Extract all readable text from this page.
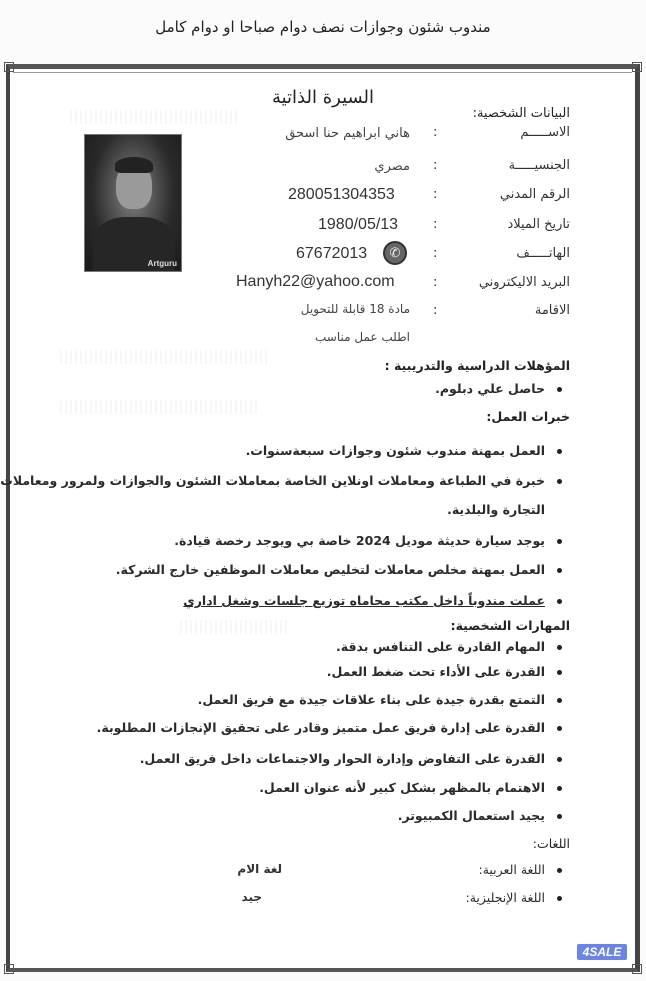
مندوب شئون وجوازات نصف دوام صباحا او دوام كامل
السيرة الذاتية
Artguru
البيانات الشخصية:
الاســـــم
:
هاني ابراهيم حنا اسحق
الجنسيـــــة
:
مصري
الرقم المدني
:
280051304353
تاريخ الميلاد
:
1980/05/13
الهاتـــــف
:
✆
67672013
البريد الاليكتروني
:
Hanyh22@yahoo.com
الاقامة
:
مادة 18 قابلة للتحويل
اطلب عمل مناسب
المؤهلات الدراسية والتدريبية :
حاصل علي دبلوم.
خبرات العمل:
العمل بمهنة مندوب شئون وجوازات سبعةسنوات.
خبرة في الطباعة ومعاملات اونلاين الخاصة بمعاملات الشئون والجوازات ولمرور ومعاملات
التجارة والبلدية.
يوجد سيارة حديثة موديل 2024 خاصة بي ويوجد رخصة قيادة.
العمل بمهنة مخلص معاملات لتخليص معاملات الموظفين خارج الشركة.
عملت مندوباً داخل مكتب محاماه توزيع جلسات وشغل اداري
المهارات الشخصية:
المهام القادرة على التنافس بدقة.
القدرة على الأداء تحت ضغط العمل.
التمتع بقدرة جيدة على بناء علاقات جيدة مع فريق العمل.
القدرة على إدارة فريق عمل متميز وقادر على تحقيق الإنجازات المطلوبة.
القدرة على التفاوض وإدارة الحوار والاجتماعات داخل فريق العمل.
الاهتمام بالمظهر بشكل كبير لأنه عنوان العمل.
يجيد استعمال الكمبيوتر.
اللغات:
اللغة العربية:
لغة الام
اللغة الإنجليزية:
جيد
4SALE
